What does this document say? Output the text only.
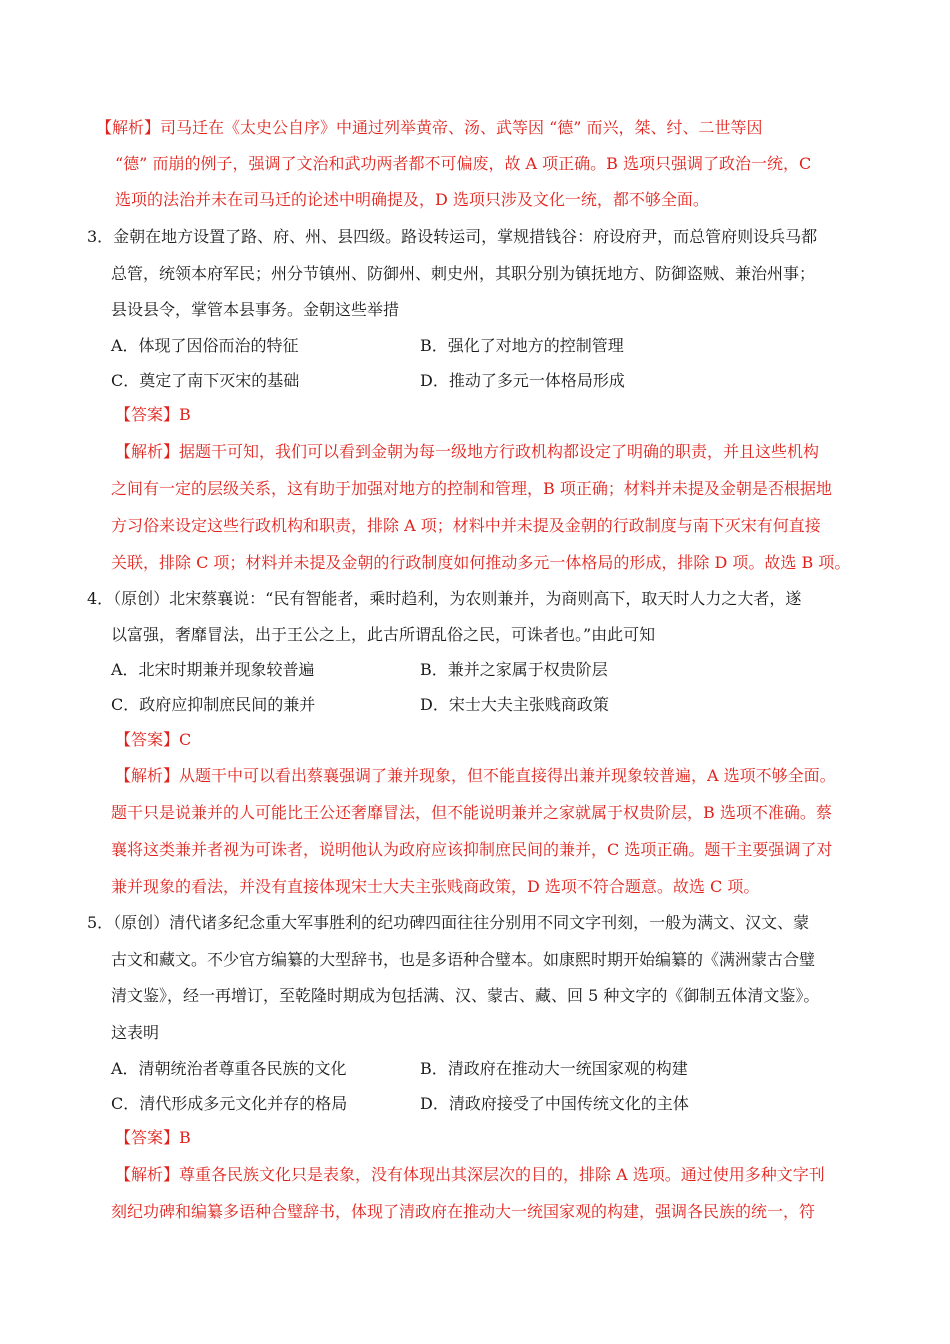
【解析】司马迁在《太史公自序》中通过列举黄帝、汤、武等因 “德” 而兴，桀、纣、二世等因
“德” 而崩的例子，强调了文治和武功两者都不可偏废，故 A 项正确。B 选项只强调了政治一统，C
选项的法治并未在司马迁的论述中明确提及，D 选项只涉及文化一统，都不够全面。
3．金朝在地方设置了路、府、州、县四级。路设转运司，掌规措钱谷：府设府尹，而总管府则设兵马都
总管，统领本府军民；州分节镇州、防御州、刺史州，其职分别为镇抚地方、防御盗贼、兼治州事；
县设县令，掌管本县事务。金朝这些举措
A．体现了因俗而治的特征	B．强化了对地方的控制管理
C．奠定了南下灭宋的基础	D．推动了多元一体格局形成
【答案】B
【解析】据题干可知，我们可以看到金朝为每一级地方行政机构都设定了明确的职责，并且这些机构
之间有一定的层级关系，这有助于加强对地方的控制和管理，B 项正确；材料并未提及金朝是否根据地
方习俗来设定这些行政机构和职责，排除 A 项；材料中并未提及金朝的行政制度与南下灭宋有何直接
关联，排除 C 项；材料并未提及金朝的行政制度如何推动多元一体格局的形成，排除 D 项。故选 B 项。
4．（原创）北宋蔡襄说：“民有智能者，乘时趋利，为农则兼并，为商则高下，取天时人力之大者，遂
以富强，奢靡冒法，出于王公之上，此古所谓乱俗之民，可诛者也。”由此可知
A．北宋时期兼并现象较普遍	B．兼并之家属于权贵阶层
C．政府应抑制庶民间的兼并	D．宋士大夫主张贱商政策
【答案】C
【解析】从题干中可以看出蔡襄强调了兼并现象，但不能直接得出兼并现象较普遍，A 选项不够全面。
题干只是说兼并的人可能比王公还奢靡冒法，但不能说明兼并之家就属于权贵阶层，B 选项不准确。蔡
襄将这类兼并者视为可诛者，说明他认为政府应该抑制庶民间的兼并，C 选项正确。题干主要强调了对
兼并现象的看法，并没有直接体现宋士大夫主张贱商政策，D 选项不符合题意。故选 C 项。
5．（原创）清代诸多纪念重大军事胜利的纪功碑四面往往分别用不同文字刊刻，一般为满文、汉文、蒙
古文和藏文。不少官方编纂的大型辞书，也是多语种合璧本。如康熙时期开始编纂的《满洲蒙古合璧
清文鉴》，经一再增订，至乾隆时期成为包括满、汉、蒙古、藏、回 5 种文字的《御制五体清文鉴》。
这表明
A．清朝统治者尊重各民族的文化	B．清政府在推动大一统国家观的构建
C．清代形成多元文化并存的格局	D．清政府接受了中国传统文化的主体
【答案】B
【解析】尊重各民族文化只是表象，没有体现出其深层次的目的，排除 A 选项。通过使用多种文字刊
刻纪功碑和编纂多语种合璧辞书，体现了清政府在推动大一统国家观的构建，强调各民族的统一，符
